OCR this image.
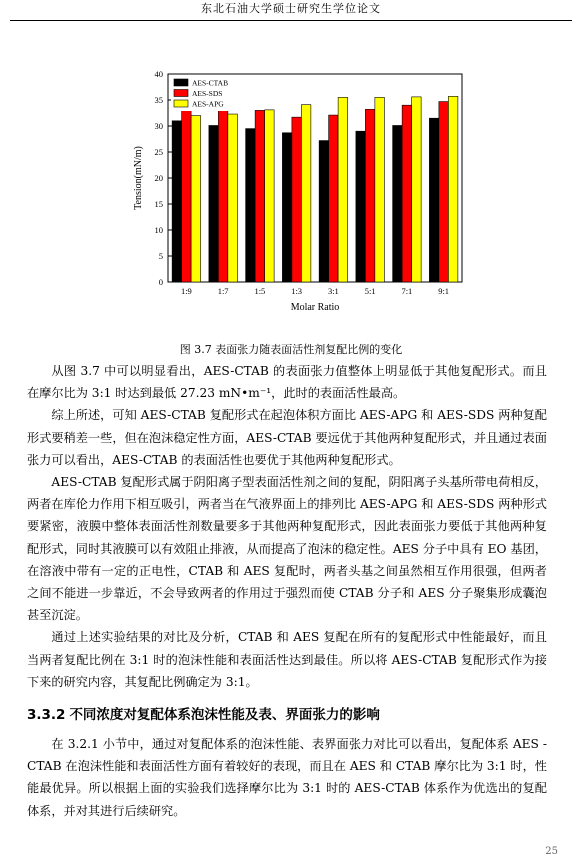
东北石油大学硕士研究生学位论文
0
5
10
15
20
25
30
35
40
1:9	1:7	1:5	1:3	3:1	5:1	7:1	9:1
Molar Ratio
Tension(mN/m)
AES-CTAB
AES-SDS
AES-APG
图 3.7 表面张力随表面活性剂复配比例的变化

从图 3.7 中可以明显看出，AES-CTAB 的表面张力值整体上明显低于其他复配形式。而且在摩尔比为 3:1 时达到最低 27.23 mN•m⁻¹，此时的表面活性最高。

综上所述，可知 AES-CTAB 复配形式在起泡体积方面比 AES-APG 和 AES-SDS 两种复配形式要稍差一些，但在泡沫稳定性方面，AES-CTAB 要远优于其他两种复配形式，并且通过表面张力可以看出，AES-CTAB 的表面活性也要优于其他两种复配形式。

AES-CTAB 复配形式属于阴阳离子型表面活性剂之间的复配，阴阳离子头基所带电荷相反，两者在库伦力作用下相互吸引，两者当在气液界面上的排列比 AES-APG 和 AES-SDS 两种形式要紧密，液膜中整体表面活性剂数量要多于其他两种复配形式，因此表面张力要低于其他两种复配形式，同时其液膜可以有效阻止排液，从而提高了泡沫的稳定性。AES 分子中具有 EO 基团，在溶液中带有一定的正电性，CTAB 和 AES 复配时，两者头基之间虽然相互作用很强，但两者之间不能进一步靠近，不会导致两者的作用过于强烈而使 CTAB 分子和 AES 分子聚集形成囊泡甚至沉淀。

通过上述实验结果的对比及分析，CTAB 和 AES 复配在所有的复配形式中性能最好，而且当两者复配比例在 3:1 时的泡沫性能和表面活性达到最佳。所以将 AES-CTAB 复配形式作为接下来的研究内容，其复配比例确定为 3:1。

3.3.2 不同浓度对复配体系泡沫性能及表、界面张力的影响

在 3.2.1 小节中，通过对复配体系的泡沫性能、表界面张力对比可以看出，复配体系 AES -CTAB 在泡沫性能和表面活性方面有着较好的表现，而且在 AES 和 CTAB 摩尔比为 3:1 时，性能最优异。所以根据上面的实验我们选择摩尔比为 3:1 时的 AES-CTAB 体系作为优选出的复配体系，并对其进行后续研究。

25
